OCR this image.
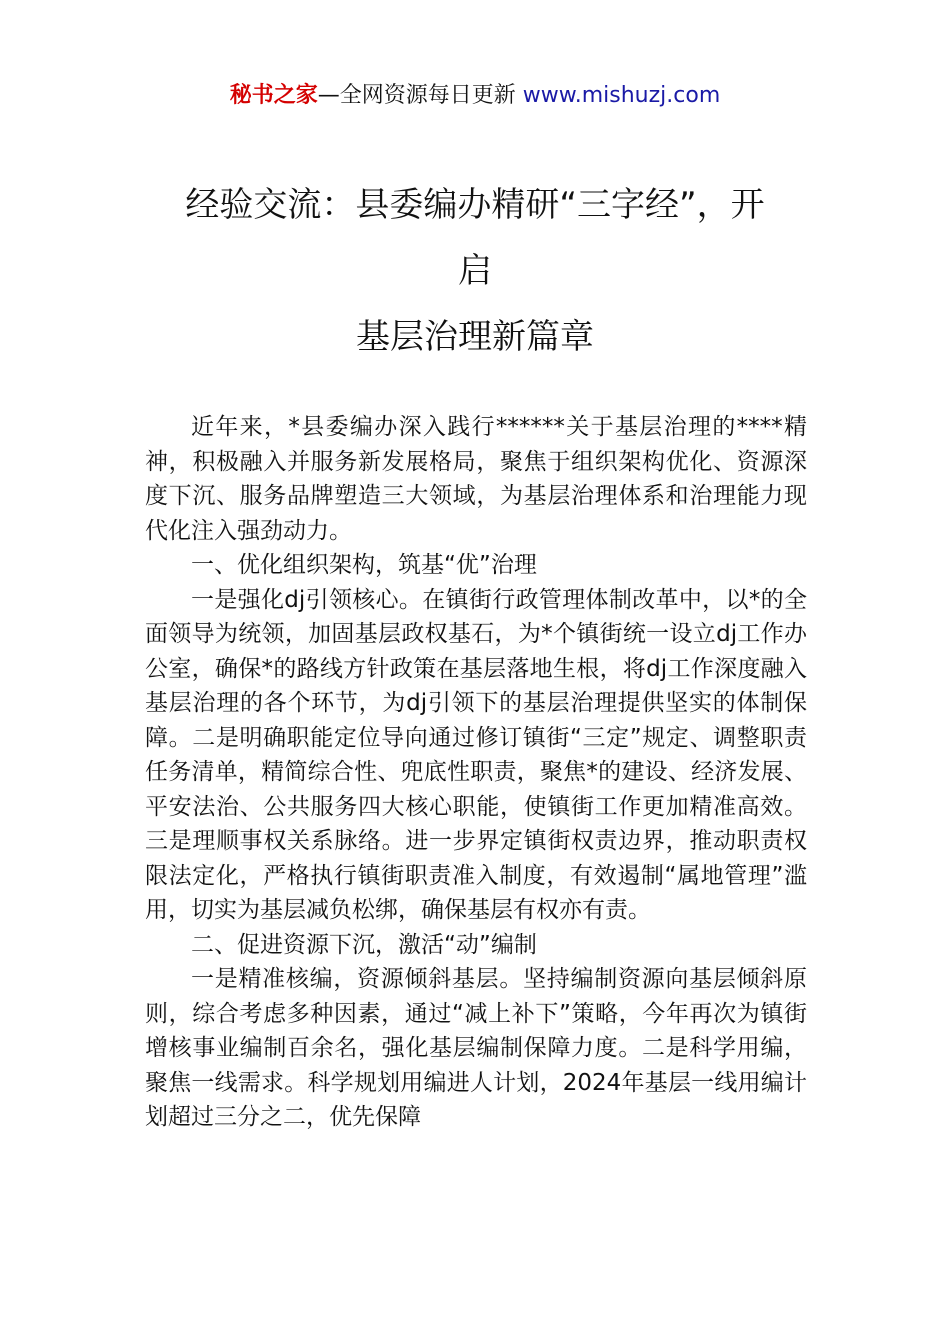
秘书之家—全网资源每日更新 www.mishuzj.com
经验交流：县委编办精研“三字经”，开
启
基层治理新篇章

近年来，*县委编办深入践行******关于基层治理的****精神，积极融入并服务新发展格局，聚焦于组织架构优化、资源深度下沉、服务品牌塑造三大领域，为基层治理体系和治理能力现代化注入强劲动力。

一、优化组织架构，筑基“优”治理

一是强化dj引领核心。在镇街行政管理体制改革中，以*的全面领导为统领，加固基层政权基石，为*个镇街统一设立dj工作办公室，确保*的路线方针政策在基层落地生根，将dj工作深度融入基层治理的各个环节，为dj引领下的基层治理提供坚实的体制保障。二是明确职能定位导向通过修订镇街“三定”规定、调整职责任务清单，精简综合性、兜底性职责，聚焦*的建设、经济发展、平安法治、公共服务四大核心职能，使镇街工作更加精准高效。三是理顺事权关系脉络。进一步界定镇街权责边界，推动职责权限法定化，严格执行镇街职责准入制度，有效遏制“属地管理”滥用，切实为基层减负松绑，确保基层有权亦有责。

二、促进资源下沉，激活“动”编制

一是精准核编，资源倾斜基层。坚持编制资源向基层倾斜原则，综合考虑多种因素，通过“减上补下”策略，今年再次为镇街增核事业编制百余名，强化基层编制保障力度。二是科学用编，聚焦一线需求。科学规划用编进人计划，2024年基层一线用编计划超过三分之二，优先保障
